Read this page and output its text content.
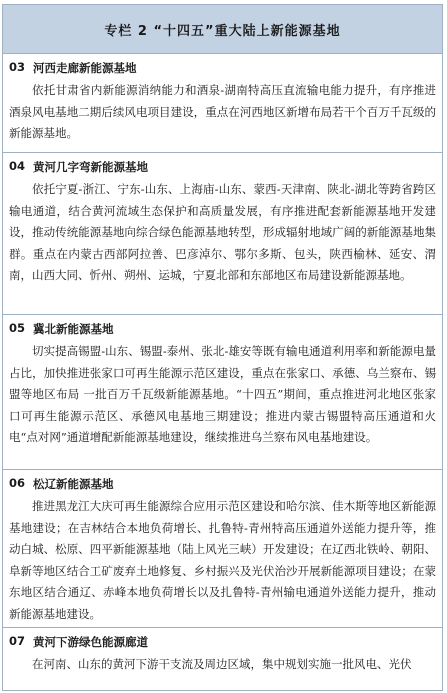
专栏 2 “十四五”重大陆上新能源基地
03 河西走廊新能源基地

依托甘肃省内新能源消纳能力和酒泉-湖南特高压直流输电能力提升，有序推进酒泉风电基地二期后续风电项目建设，重点在河西地区新增布局若干个百万千瓦级的新能源基地。

04 黄河几字弯新能源基地

依托宁夏-浙江、宁东-山东、上海庙-山东、蒙西-天津南、陕北-湖北等跨省跨区输电通道，结合黄河流域生态保护和高质量发展，有序推进配套新能源基地开发建设，推动传统能源基地向综合绿色能源基地转型，形成辐射地域广阔的新能源基地集群。重点在内蒙古西部阿拉善、巴彦淖尔、鄂尔多斯、包头，陕西榆林、延安、渭南，山西大同、忻州、朔州、运城，宁夏北部和东部地区布局建设新能源基地。

05 冀北新能源基地

切实提高锡盟-山东、锡盟-泰州、张北-雄安等既有输电通道利用率和新能源电量占比，加快推进张家口可再生能源示范区建设，重点在张家口、承德、乌兰察布、锡盟等地区布局 一批百万千瓦级新能源基地。“十四五”期间，重点推进河北地区张家口可再生能源示范区、承德风电基地三期建设；推进内蒙古锡盟特高压通道和火电“点对网”通道增配新能源基地建设，继续推进乌兰察布风电基地建设。

06 松辽新能源基地

推进黑龙江大庆可再生能源综合应用示范区建设和哈尔滨、佳木斯等地区新能源基地建设；在吉林结合本地负荷增长、扎鲁特-青州特高压通道外送能力提升等，推动白城、松原、四平新能源基地（陆上风光三峡）开发建设；在辽西北铁岭、朝阳、阜新等地区结合工矿废弃土地修复、乡村振兴及光伏治沙开展新能源项目建设；在蒙东地区结合通辽、赤峰本地负荷增长以及扎鲁特-青州输电通道外送能力提升，推动新能源基地建设。

07 黄河下游绿色能源廊道

在河南、山东的黄河下游干支流及周边区域，集中规划实施一批风电、光伏
